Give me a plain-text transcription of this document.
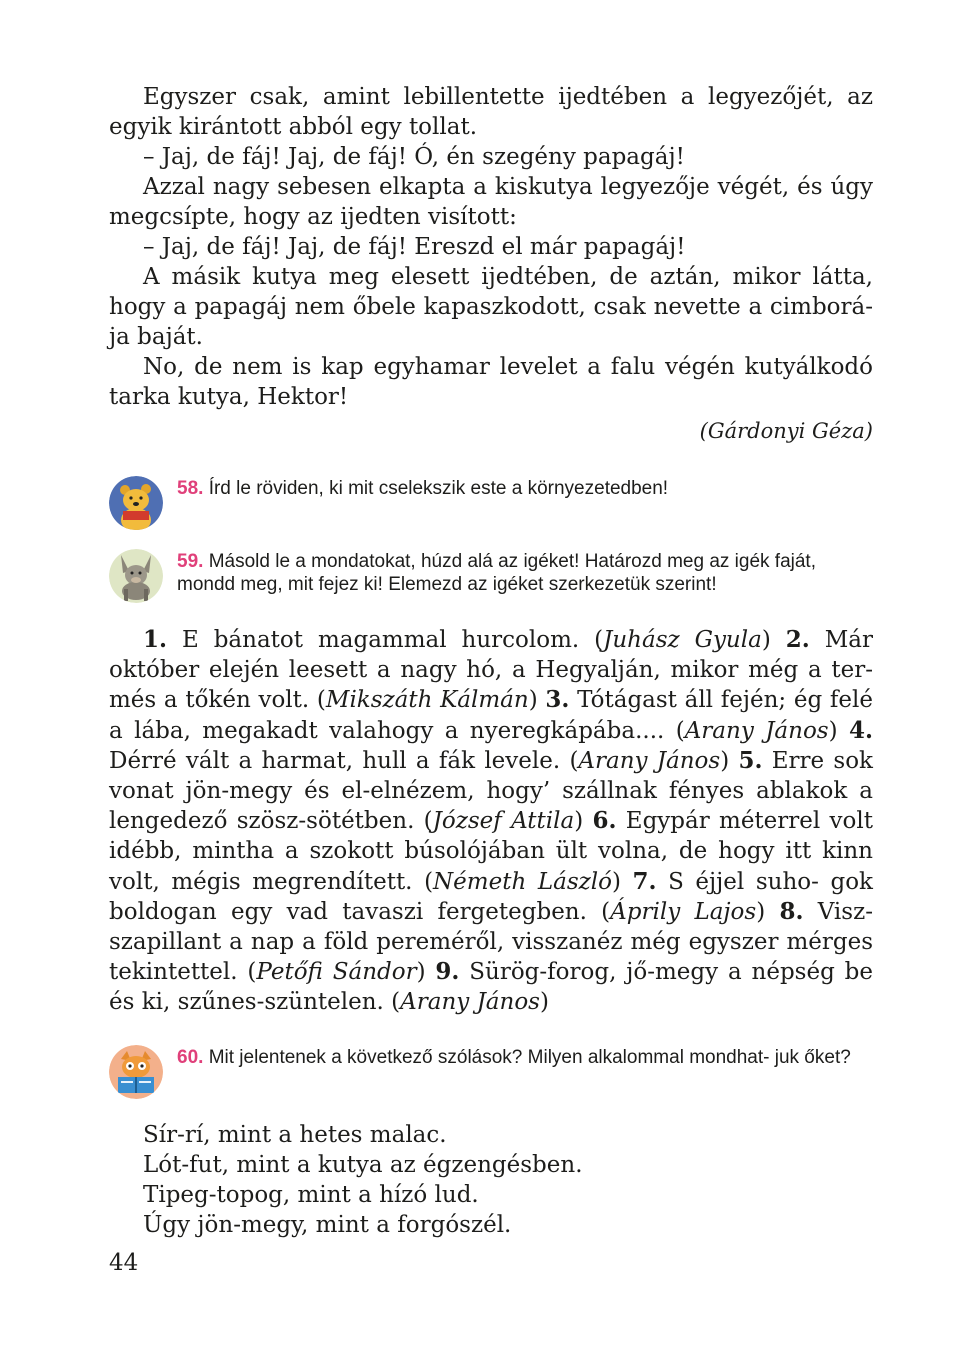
Egyszer csak, amint lebillentette ijedtében a legyezőjét, az egyik kirántott abból egy tollat.

– Jaj, de fáj! Jaj, de fáj! Ó, én szegény papagáj!

Azzal nagy sebesen elkapta a kiskutya legyezője végét, és úgy megcsípte, hogy az ijedten visított:

– Jaj, de fáj! Jaj, de fáj! Ereszd el már papagáj!

A másik kutya meg elesett ijedtében, de aztán, mikor látta, hogy a papagáj nem őbele kapaszkodott, csak nevette a cimborá- ja baját.

No, de nem is kap egyhamar levelet a falu végén kutyálkodó tarka kutya, Hektor!

(Gárdonyi Géza)
58. Írd le röviden, ki mit cselekszik este a környezetedben!
59. Másold le a mondatokat, húzd alá az igéket! Határozd meg az igék faját, mondd meg, mit fejez ki! Elemezd az igéket szerkezetük szerint!

1. E bánatot magammal hurcolom. (Juhász Gyula) 2. Már október elején leesett a nagy hó, a Hegyalján, mikor még a ter- més a tőkén volt. (Mikszáth Kálmán) 3. Tótágast áll fején; ég felé a lába, megakadt valahogy a nyeregkápába.... (Arany János) 4. Dérré vált a harmat, hull a fák levele. (Arany János) 5. Erre sok vonat jön-megy és el-elnézem, hogy’ szállnak fényes ablakok a lengedező szösz-sötétben. (József Attila) 6. Egypár méterrel volt idébb, mintha a szokott búsolójában ült volna, de hogy itt kinn volt, mégis megrendített. (Németh László) 7. S éjjel suho- gok boldogan egy vad tavaszi fergetegben. (Áprily Lajos) 8. Visz- szapillant a nap a föld pereméről, visszanéz még egyszer mérges tekintettel. (Petőfi Sándor) 9. Sürög-forog, jő-megy a népség be és ki, szűnes-szüntelen. (Arany János)

60. Mit jelentenek a következő szólások? Milyen alkalommal mondhat- juk őket?
Sír-rí, mint a hetes malac.
Lót-fut, mint a kutya az égzengésben.
Tipeg-topog, mint a hízó lud.
Úgy jön-megy, mint a forgószél.
44
